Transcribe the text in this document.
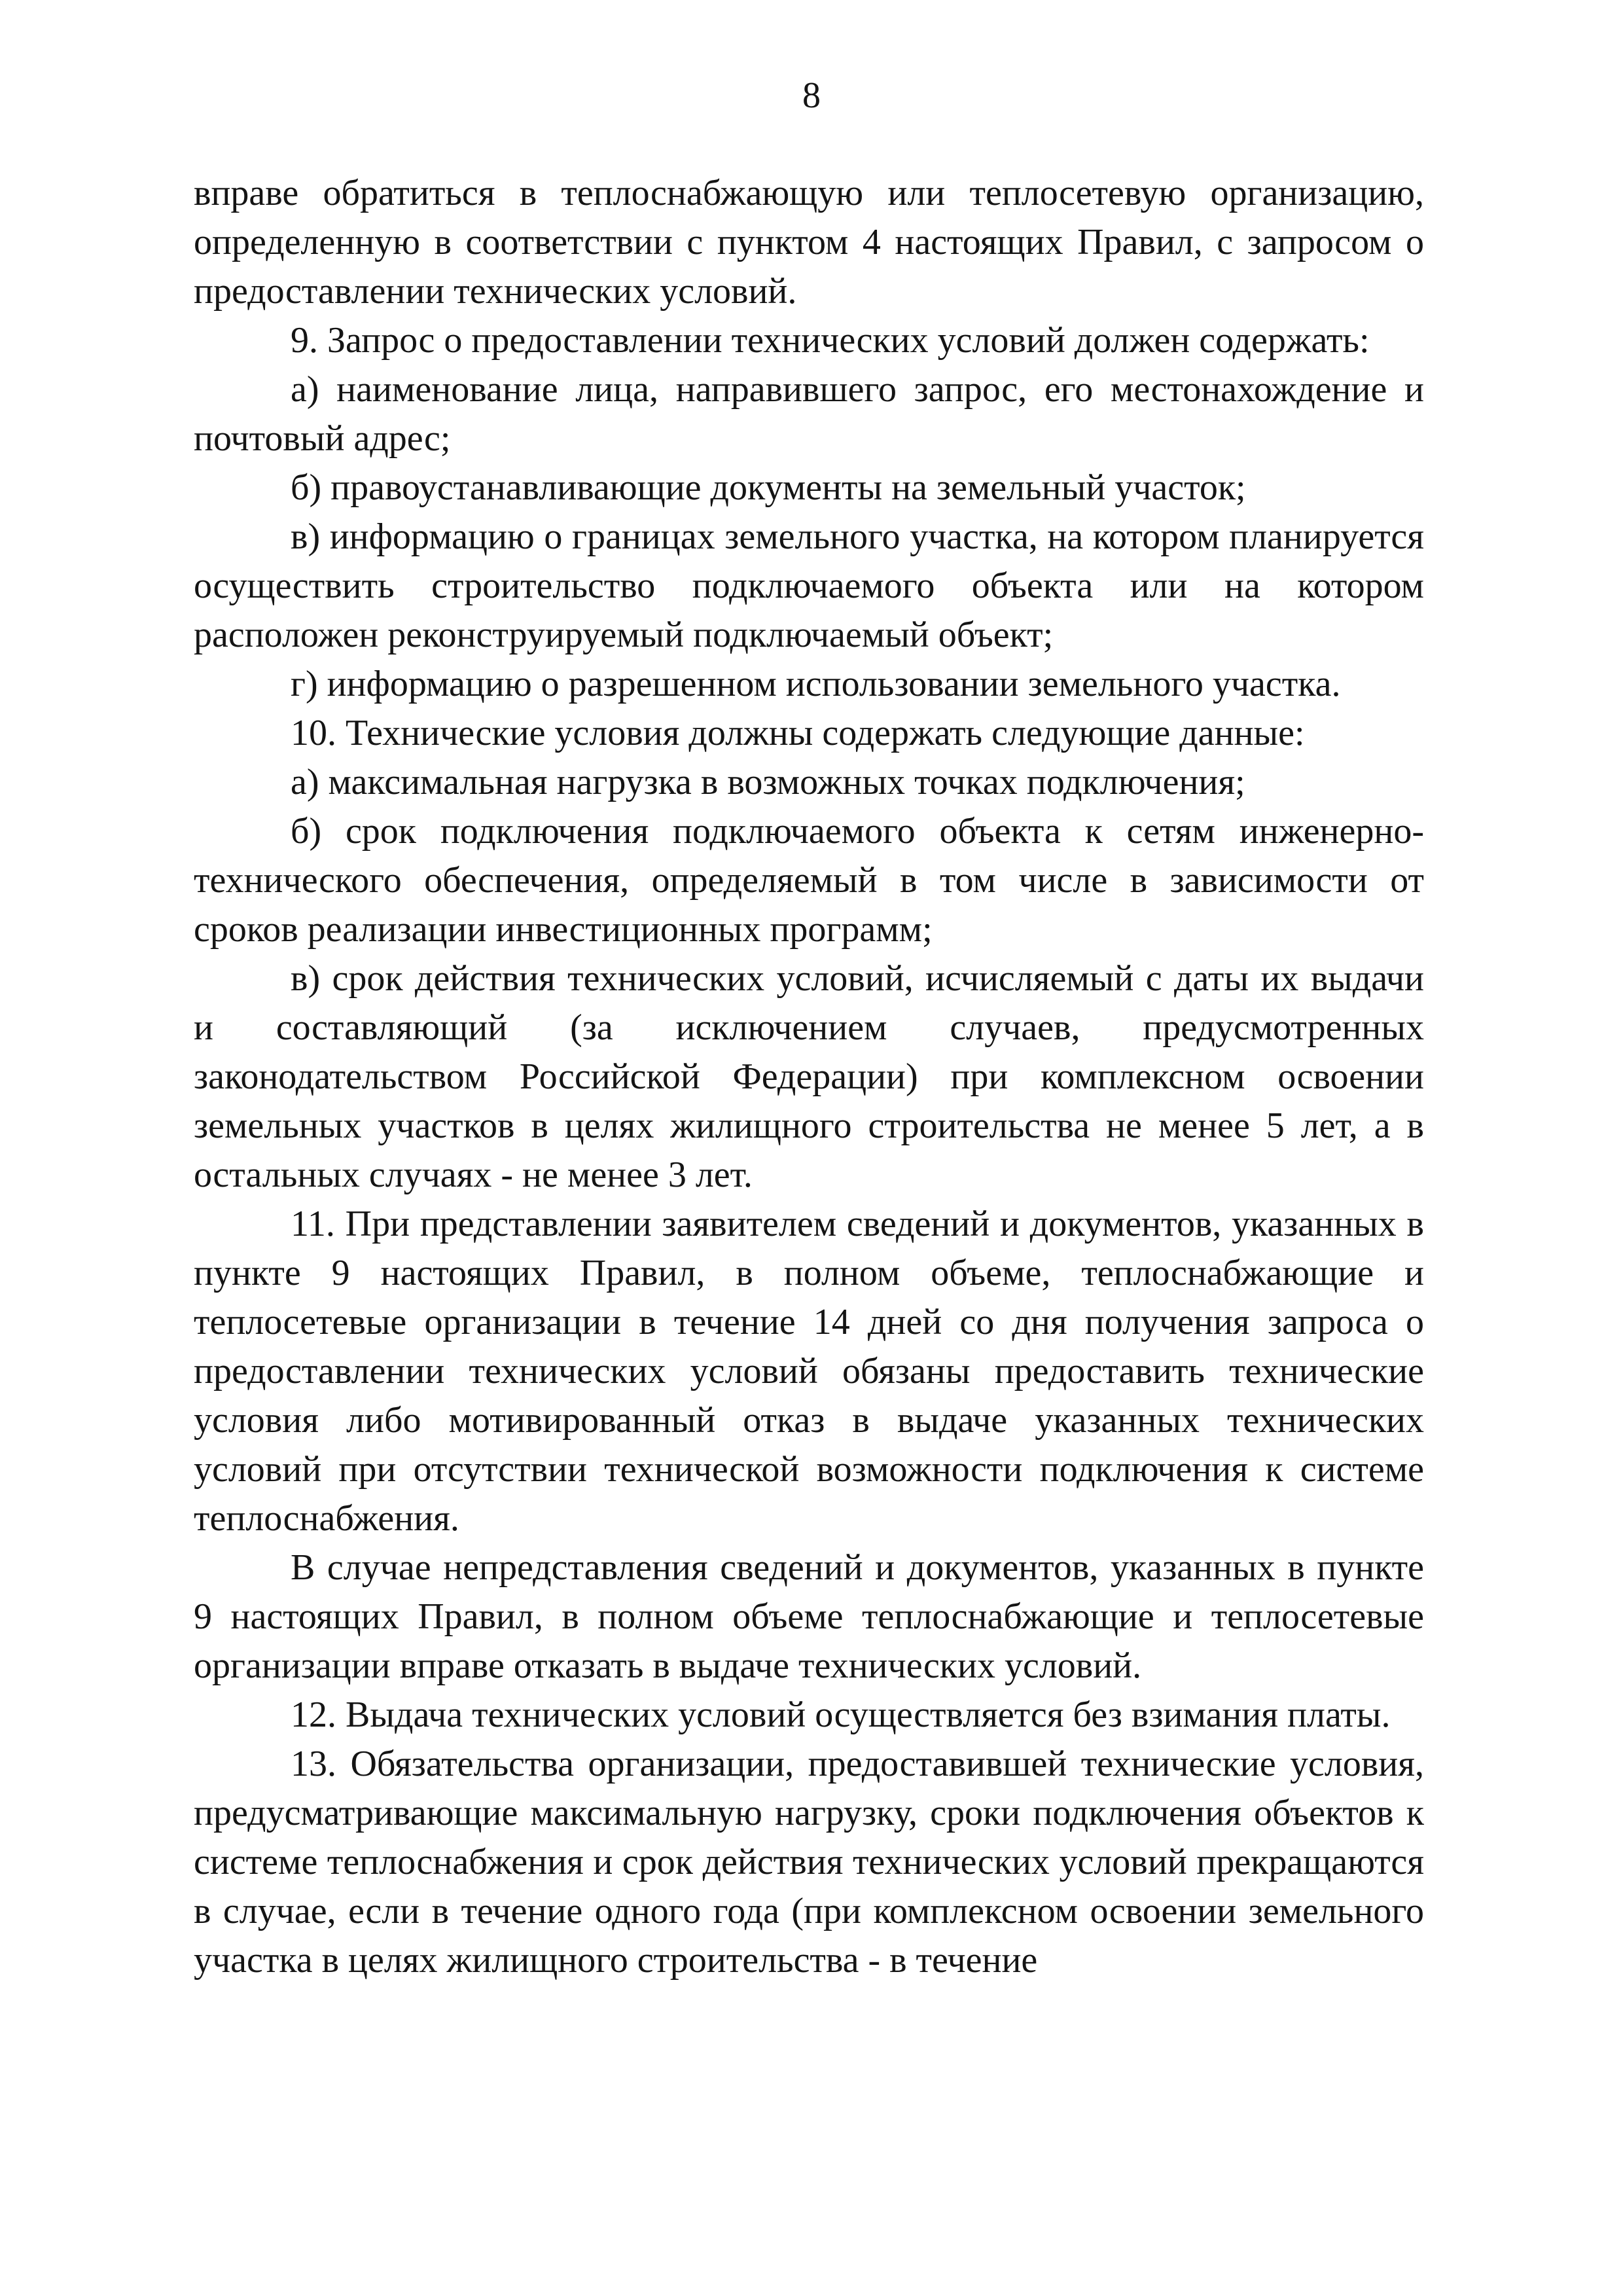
8

вправе обратиться в теплоснабжающую или теплосетевую организацию, определенную в соответствии с пунктом 4 настоящих Правил, с запросом о предоставлении технических условий.

9. Запрос о предоставлении технических условий должен содержать:

а) наименование лица, направившего запрос, его местонахождение и почтовый адрес;

б) правоустанавливающие документы на земельный участок;

в) информацию о границах земельного участка, на котором планируется осуществить строительство подключаемого объекта или на котором расположен реконструируемый подключаемый объект;

г) информацию о разрешенном использовании земельного участка.

10. Технические условия должны содержать следующие данные:

а) максимальная нагрузка в возможных точках подключения;

б) срок подключения подключаемого объекта к сетям инженерно-технического обеспечения, определяемый в том числе в зависимости от сроков реализации инвестиционных программ;

в) срок действия технических условий, исчисляемый с даты их выдачи и составляющий (за исключением случаев, предусмотренных законодательством Российской Федерации) при комплексном освоении земельных участков в целях жилищного строительства не менее 5 лет, а в остальных случаях - не менее 3 лет.

11. При представлении заявителем сведений и документов, указанных в пункте 9 настоящих Правил, в полном объеме, теплоснабжающие и теплосетевые организации в течение 14 дней со дня получения запроса о предоставлении технических условий обязаны предоставить технические условия либо мотивированный отказ в выдаче указанных технических условий при отсутствии технической возможности подключения к системе теплоснабжения.

В случае непредставления сведений и документов, указанных в пункте 9 настоящих Правил, в полном объеме теплоснабжающие и теплосетевые организации вправе отказать в выдаче технических условий.

12. Выдача технических условий осуществляется без взимания платы.

13. Обязательства организации, предоставившей технические условия, предусматривающие максимальную нагрузку, сроки подключения объектов к системе теплоснабжения и срок действия технических условий прекращаются в случае, если в течение одного года (при комплексном освоении земельного участка в целях жилищного строительства - в течение
